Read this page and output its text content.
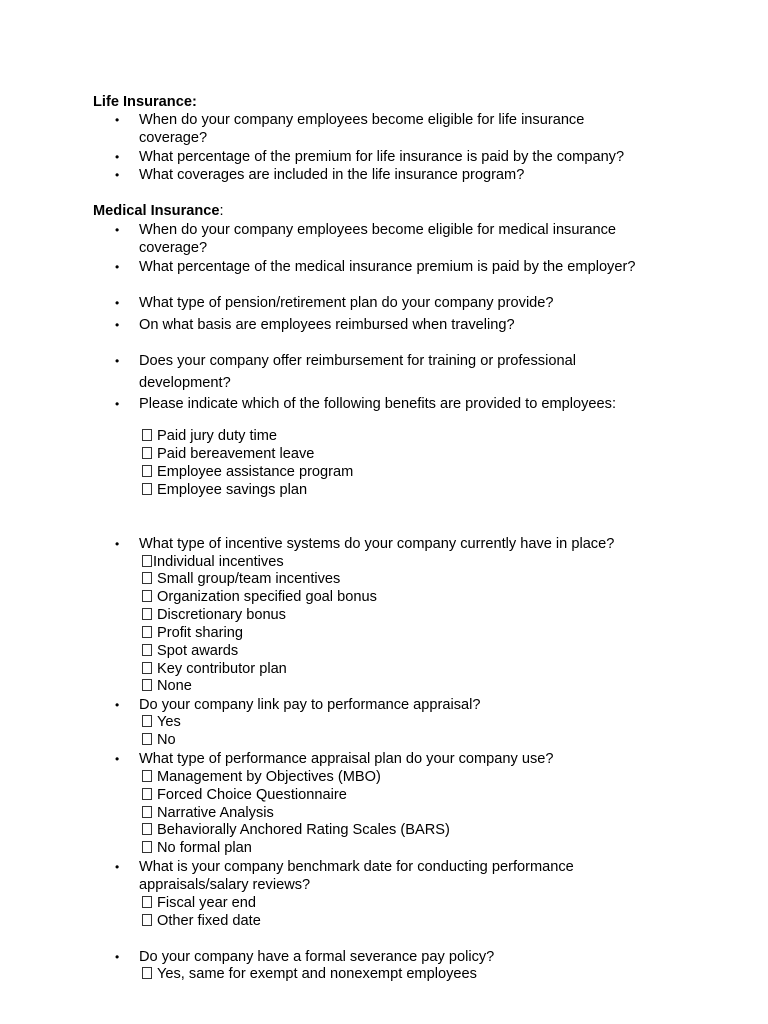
Life Insurance:
• When do your company employees become eligible for life insurance
coverage?
• What percentage of the premium for life insurance is paid by the company?
• What coverages are included in the life insurance program?
Medical Insurance:
• When do your company employees become eligible for medical insurance
coverage?
• What percentage of the medical insurance premium is paid by the employer?
• What type of pension/retirement plan do your company provide?
• On what basis are employees reimbursed when traveling?
• Does your company offer reimbursement for training or professional
development?
• Please indicate which of the following benefits are provided to employees:
Paid jury duty time
Paid bereavement leave
Employee assistance program
Employee savings plan
• What type of incentive systems do your company currently have in place?
Individual incentives
Small group/team incentives
Organization specified goal bonus
Discretionary bonus
Profit sharing
Spot awards
Key contributor plan
None
• Do your company link pay to performance appraisal?
Yes
No
• What type of performance appraisal plan do your company use?
Management by Objectives (MBO)
Forced Choice Questionnaire
Narrative Analysis
Behaviorally Anchored Rating Scales (BARS)
No formal plan
• What is your company benchmark date for conducting performance
appraisals/salary reviews?
Fiscal year end
Other fixed date
• Do your company have a formal severance pay policy?
Yes, same for exempt and nonexempt employees
